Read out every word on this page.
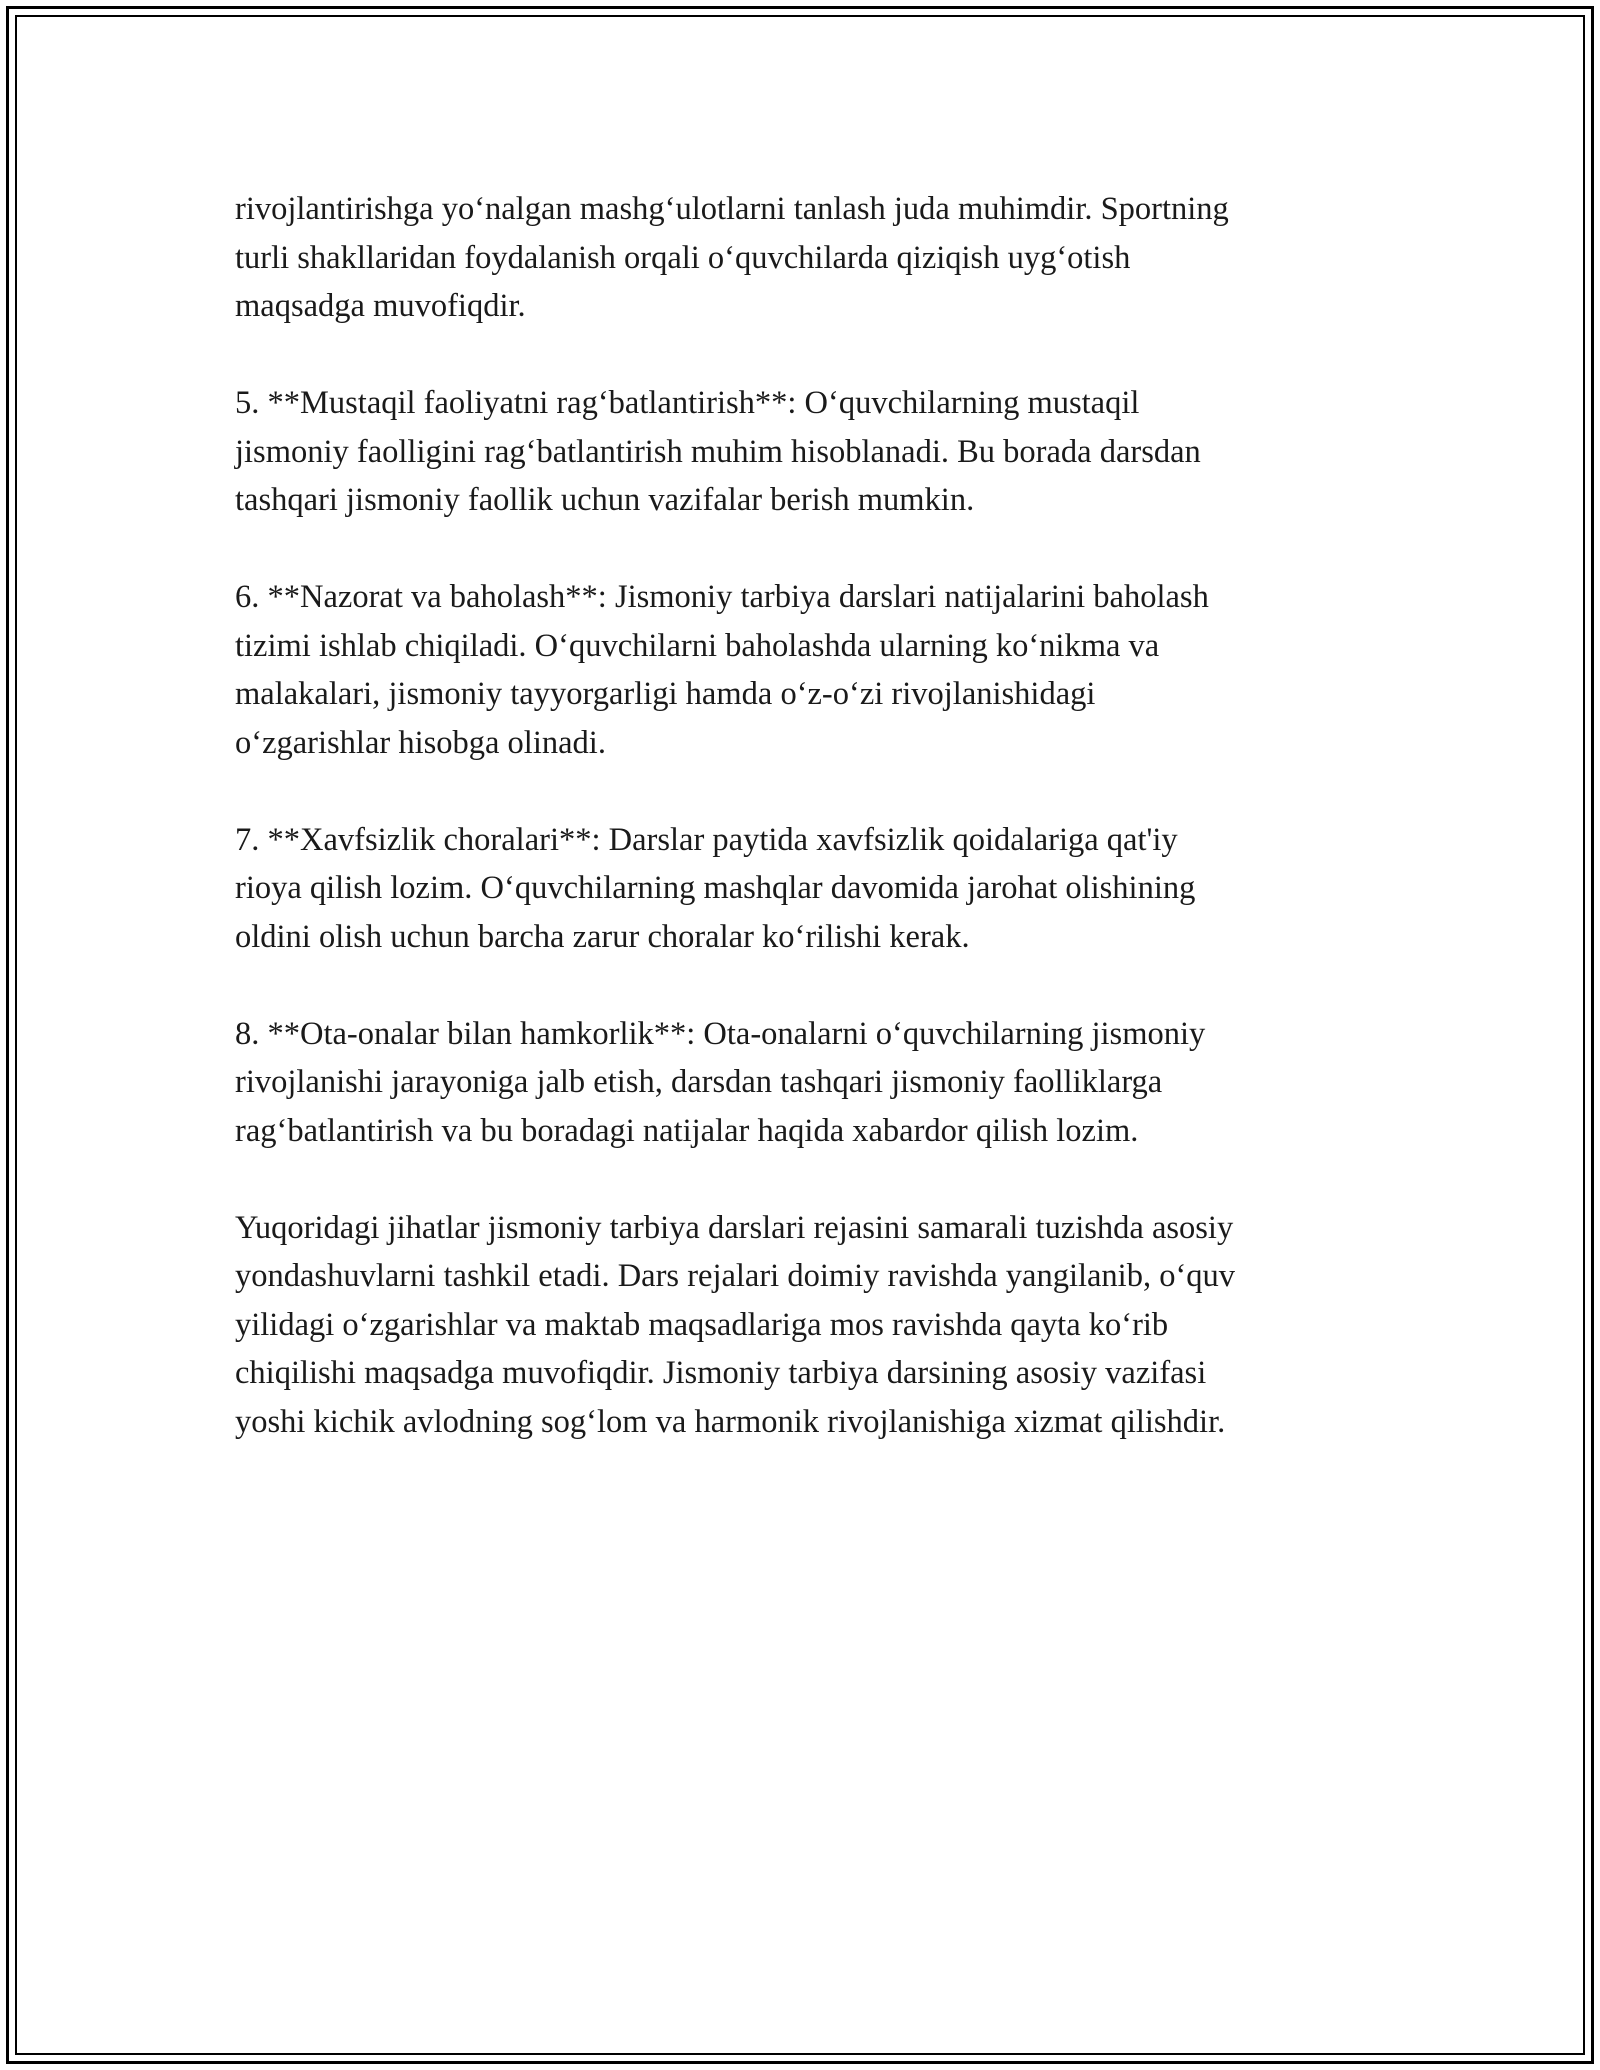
rivojlantirishga yo‘nalgan mashg‘ulotlarni tanlash juda muhimdir. Sportning
turli shakllaridan foydalanish orqali o‘quvchilarda qiziqish uyg‘otish
maqsadga muvofiqdir.

5. **Mustaqil faoliyatni rag‘batlantirish**: O‘quvchilarning mustaqil
jismoniy faolligini rag‘batlantirish muhim hisoblanadi. Bu borada darsdan
tashqari jismoniy faollik uchun vazifalar berish mumkin.

6. **Nazorat va baholash**: Jismoniy tarbiya darslari natijalarini baholash
tizimi ishlab chiqiladi. O‘quvchilarni baholashda ularning ko‘nikma va
malakalari, jismoniy tayyorgarligi hamda o‘z-o‘zi rivojlanishidagi
o‘zgarishlar hisobga olinadi.

7. **Xavfsizlik choralari**: Darslar paytida xavfsizlik qoidalariga qat'iy
rioya qilish lozim. O‘quvchilarning mashqlar davomida jarohat olishining
oldini olish uchun barcha zarur choralar ko‘rilishi kerak.

8. **Ota-onalar bilan hamkorlik**: Ota-onalarni o‘quvchilarning jismoniy
rivojlanishi jarayoniga jalb etish, darsdan tashqari jismoniy faolliklarga
rag‘batlantirish va bu boradagi natijalar haqida xabardor qilish lozim.

Yuqoridagi jihatlar jismoniy tarbiya darslari rejasini samarali tuzishda asosiy
yondashuvlarni tashkil etadi. Dars rejalari doimiy ravishda yangilanib, o‘quv
yilidagi o‘zgarishlar va maktab maqsadlariga mos ravishda qayta ko‘rib
chiqilishi maqsadga muvofiqdir. Jismoniy tarbiya darsining asosiy vazifasi
yoshi kichik avlodning sog‘lom va harmonik rivojlanishiga xizmat qilishdir.
